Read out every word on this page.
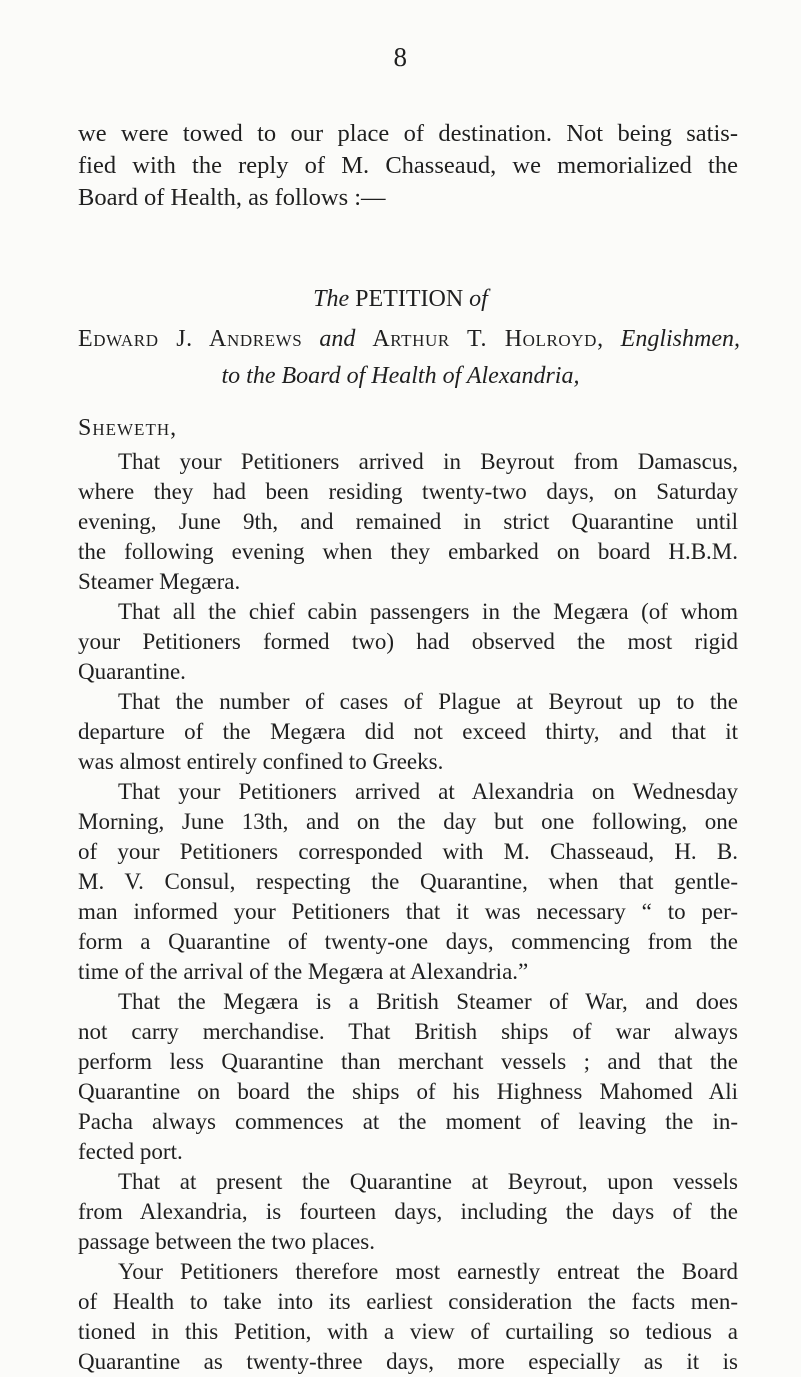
8
we were towed to our place of destination. Not being satis-
fied with the reply of M. Chasseaud, we memorialized the
Board of Health, as follows :—
The PETITION of
Edward J. Andrews and Arthur T. Holroyd, Englishmen,
to the Board of Health of Alexandria,
Sheweth,
That your Petitioners arrived in Beyrout from Damascus,
where they had been residing twenty-two days, on Saturday
evening, June 9th, and remained in strict Quarantine until
the following evening when they embarked on board H.B.M.
Steamer Megæra.
That all the chief cabin passengers in the Megæra (of whom
your Petitioners formed two) had observed the most rigid
Quarantine.
That the number of cases of Plague at Beyrout up to the
departure of the Megæra did not exceed thirty, and that it
was almost entirely confined to Greeks.
That your Petitioners arrived at Alexandria on Wednesday
Morning, June 13th, and on the day but one following, one
of your Petitioners corresponded with M. Chasseaud, H. B.
M. V. Consul, respecting the Quarantine, when that gentle-
man informed your Petitioners that it was necessary “ to per-
form a Quarantine of twenty-one days, commencing from the
time of the arrival of the Megæra at Alexandria.”
That the Megæra is a British Steamer of War, and does
not carry merchandise. That British ships of war always
perform less Quarantine than merchant vessels ; and that the
Quarantine on board the ships of his Highness Mahomed Ali
Pacha always commences at the moment of leaving the in-
fected port.
That at present the Quarantine at Beyrout, upon vessels
from Alexandria, is fourteen days, including the days of the
passage between the two places.
Your Petitioners therefore most earnestly entreat the Board
of Health to take into its earliest consideration the facts men-
tioned in this Petition, with a view of curtailing so tedious a
Quarantine as twenty-three days, more especially as it is
